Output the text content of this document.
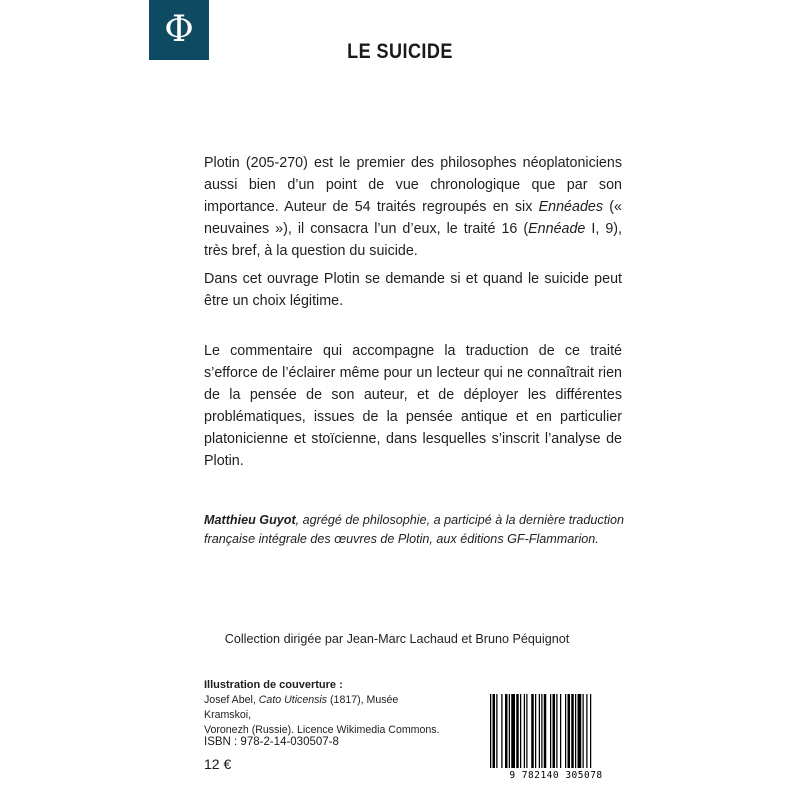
Φ
LE SUICIDE
Plotin (205-270) est le premier des philosophes néoplatoniciens aussi bien d’un point de vue chronologique que par son importance. Auteur de 54 traités regroupés en six Ennéades (« neuvaines »), il consacra l’un d’eux, le traité 16 (Ennéade I, 9), très bref, à la question du suicide.
Dans cet ouvrage Plotin se demande si et quand le suicide peut être un choix légitime.
Le commentaire qui accompagne la traduction de ce traité s’efforce de l’éclairer même pour un lecteur qui ne connaîtrait rien de la pensée de son auteur, et de déployer les différentes problématiques, issues de la pensée antique et en particulier platonicienne et stoïcienne, dans lesquelles s’inscrit l’analyse de Plotin.
Matthieu Guyot, agrégé de philosophie, a participé à la dernière traduction française intégrale des œuvres de Plotin, aux éditions GF-Flammarion.
Collection dirigée par Jean-Marc Lachaud et Bruno Péquignot
Illustration de couverture :
Josef Abel, Cato Uticensis (1817), Musée Kramskoi,
Voronezh (Russie). Licence Wikimedia Commons.
ISBN : 978-2-14-030507-8
12 €
9 782140 305078
